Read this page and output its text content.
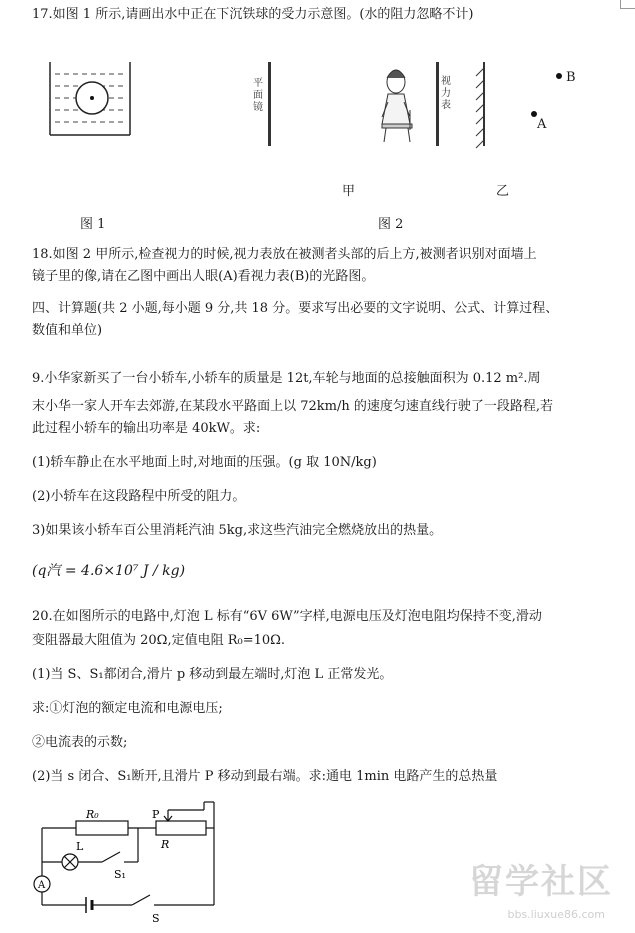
17.如图 1 所示,请画出水中正在下沉铁球的受力示意图。(水的阻力忽略不计)
图 1
平面镜
视力表
B
A
甲	乙
图 2
18.如图 2 甲所示,检查视力的时候,视力表放在被测者头部的后上方,被测者识别对面墙上
镜子里的像,请在乙图中画出人眼(A)看视力表(B)的光路图。
四、计算题(共 2 小题,每小题 9 分,共 18 分。要求写出必要的文字说明、公式、计算过程、
数值和单位)
9.小华家新买了一台小轿车,小轿车的质量是 12t,车轮与地面的总接触面积为 0.12 m².周
末小华一家人开车去郊游,在某段水平路面上以 72km/h 的速度匀速直线行驶了一段路程,若
此过程小轿车的输出功率是 40kW。求:
(1)轿车静止在水平地面上时,对地面的压强。(g 取 10N/kg)
(2)小轿车在这段路程中所受的阻力。
3)如果该小轿车百公里消耗汽油 5kg,求这些汽油完全燃烧放出的热量。
(q汽 = 4.6×10⁷ J / kg)
20.在如图所示的电路中,灯泡 L 标有“6V 6W”字样,电源电压及灯泡电阻均保持不变,滑动
变阻器最大阻值为 20Ω,定值电阻 R₀=10Ω.
(1)当 S、S₁都闭合,滑片 p 移动到最左端时,灯泡 L 正常发光。
求:①灯泡的额定电流和电源电压;
②电流表的示数;
(2)当 s 闭合、S₁断开,且滑片 P 移动到最右端。求:通电 1min 电路产生的总热量
R₀	P
R
L
S₁
A
S
留学社区
bbs.liuxue86.com
